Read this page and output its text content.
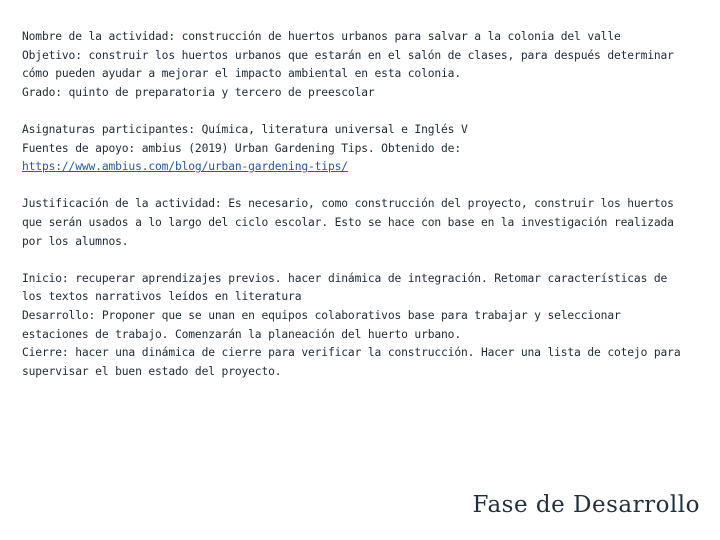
Nombre de la actividad: construcción de huertos urbanos para salvar a la colonia del valle

Objetivo: construir los huertos urbanos que estarán en el salón de clases, para después determinar cómo pueden ayudar a mejorar el impacto ambiental en esta colonia.

Grado: quinto de preparatoria y tercero de preescolar

Asignaturas participantes: Química, literatura universal e Inglés V

Fuentes de apoyo: ambius (2019) Urban Gardening Tips. Obtenido de: https://www.ambius.com/blog/urban-gardening-tips/

Justificación de la actividad: Es necesario, como construcción del proyecto, construir los huertos que serán usados a lo largo del ciclo escolar. Esto se hace con base en la investigación realizada por los alumnos.

Inicio: recuperar aprendizajes previos. hacer dinámica de integración. Retomar características de los textos narrativos leídos en literatura

Desarrollo: Proponer que se unan en equipos colaborativos base para trabajar y seleccionar estaciones de trabajo. Comenzarán la planeación del huerto urbano.

Cierre: hacer una dinámica de cierre para verificar la construcción. Hacer una lista de cotejo para supervisar el buen estado del proyecto.

Fase de Desarrollo
